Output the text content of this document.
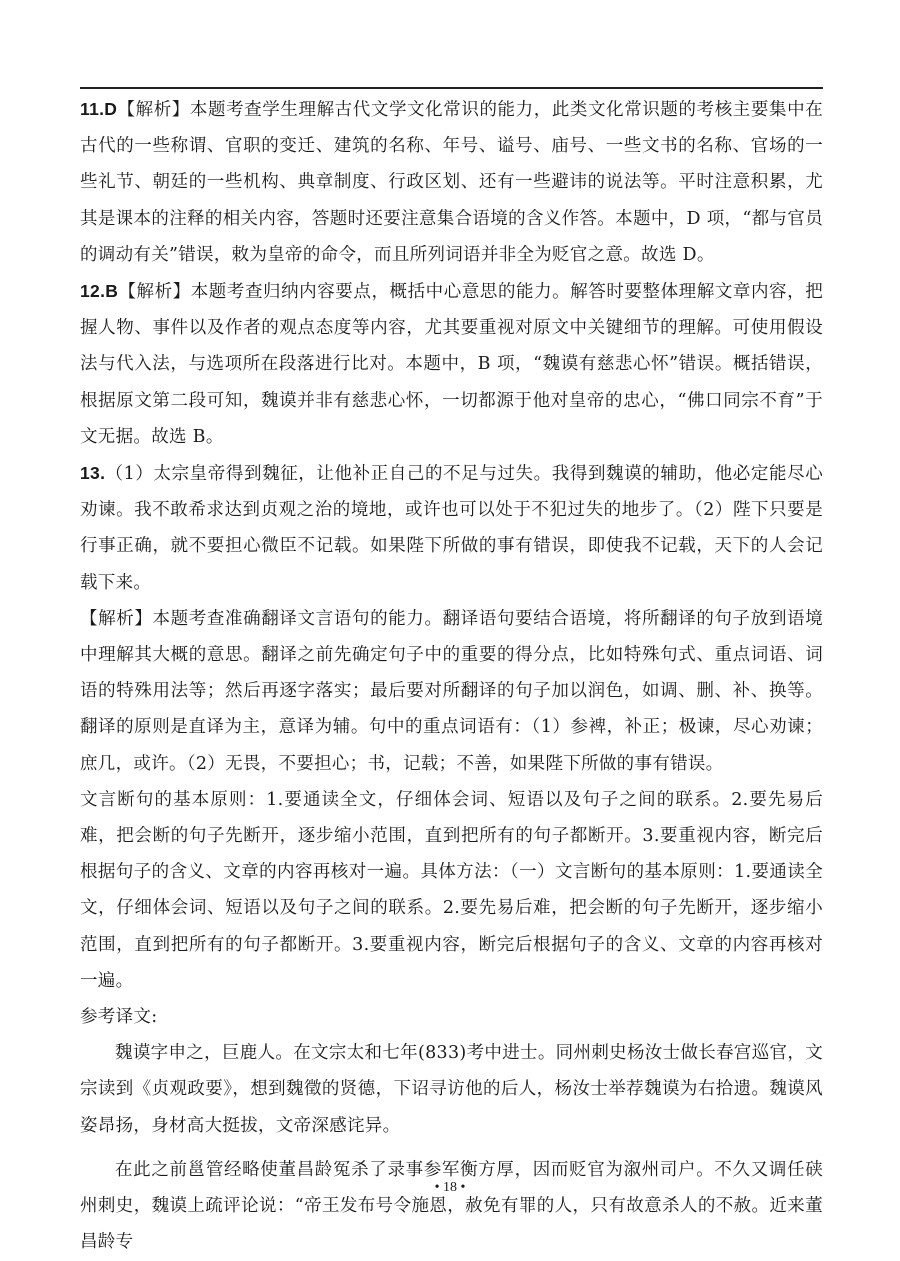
11.D【解析】本题考查学生理解古代文学文化常识的能力，此类文化常识题的考核主要集中在古代的一些称谓、官职的变迁、建筑的名称、年号、谥号、庙号、一些文书的名称、官场的一些礼节、朝廷的一些机构、典章制度、行政区划、还有一些避讳的说法等。平时注意积累，尤其是课本的注释的相关内容，答题时还要注意集合语境的含义作答。本题中，D 项，“都与官员的调动有关”错误，敕为皇帝的命令，而且所列词语并非全为贬官之意。故选 D。

12.B【解析】本题考查归纳内容要点，概括中心意思的能力。解答时要整体理解文章内容，把握人物、事件以及作者的观点态度等内容，尤其要重视对原文中关键细节的理解。可使用假设法与代入法，与选项所在段落进行比对。本题中，B 项，“魏谟有慈悲心怀”错误。概括错误，根据原文第二段可知，魏谟并非有慈悲心怀，一切都源于他对皇帝的忠心，“佛口同宗不育”于文无据。故选 B。

13.（1）太宗皇帝得到魏征，让他补正自己的不足与过失。我得到魏谟的辅助，他必定能尽心劝谏。我不敢希求达到贞观之治的境地，或许也可以处于不犯过失的地步了。（2）陛下只要是行事正确，就不要担心微臣不记载。如果陛下所做的事有错误，即使我不记载，天下的人会记载下来。

【解析】本题考查准确翻译文言语句的能力。翻译语句要结合语境，将所翻译的句子放到语境中理解其大概的意思。翻译之前先确定句子中的重要的得分点，比如特殊句式、重点词语、词语的特殊用法等；然后再逐字落实；最后要对所翻译的句子加以润色，如调、删、补、换等。翻译的原则是直译为主，意译为辅。句中的重点词语有：（1）参裨，补正；极谏，尽心劝谏；庶几，或许。（2）无畏，不要担心；书，记载；不善，如果陛下所做的事有错误。

文言断句的基本原则：1.要通读全文，仔细体会词、短语以及句子之间的联系。2.要先易后难，把会断的句子先断开，逐步缩小范围，直到把所有的句子都断开。3.要重视内容，断完后根据句子的含义、文章的内容再核对一遍。具体方法：（一）文言断句的基本原则：1.要通读全文，仔细体会词、短语以及句子之间的联系。2.要先易后难，把会断的句子先断开，逐步缩小范围，直到把所有的句子都断开。3.要重视内容，断完后根据句子的含义、文章的内容再核对一遍。

参考译文:

魏谟字申之，巨鹿人。在文宗太和七年(833)考中进士。同州刺史杨汝士做长春宫巡官，文宗读到《贞观政要》，想到魏徵的贤德，下诏寻访他的后人，杨汝士举荐魏谟为右拾遗。魏谟风姿昂扬，身材高大挺拔，文帝深感诧异。

在此之前邕管经略使董昌龄冤杀了录事参军衡方厚，因而贬官为溆州司户。不久又调任硖州刺史，魏谟上疏评论说：“帝王发布号令施恩，赦免有罪的人，只有故意杀人的不赦。近来董昌龄专

• 18 •
